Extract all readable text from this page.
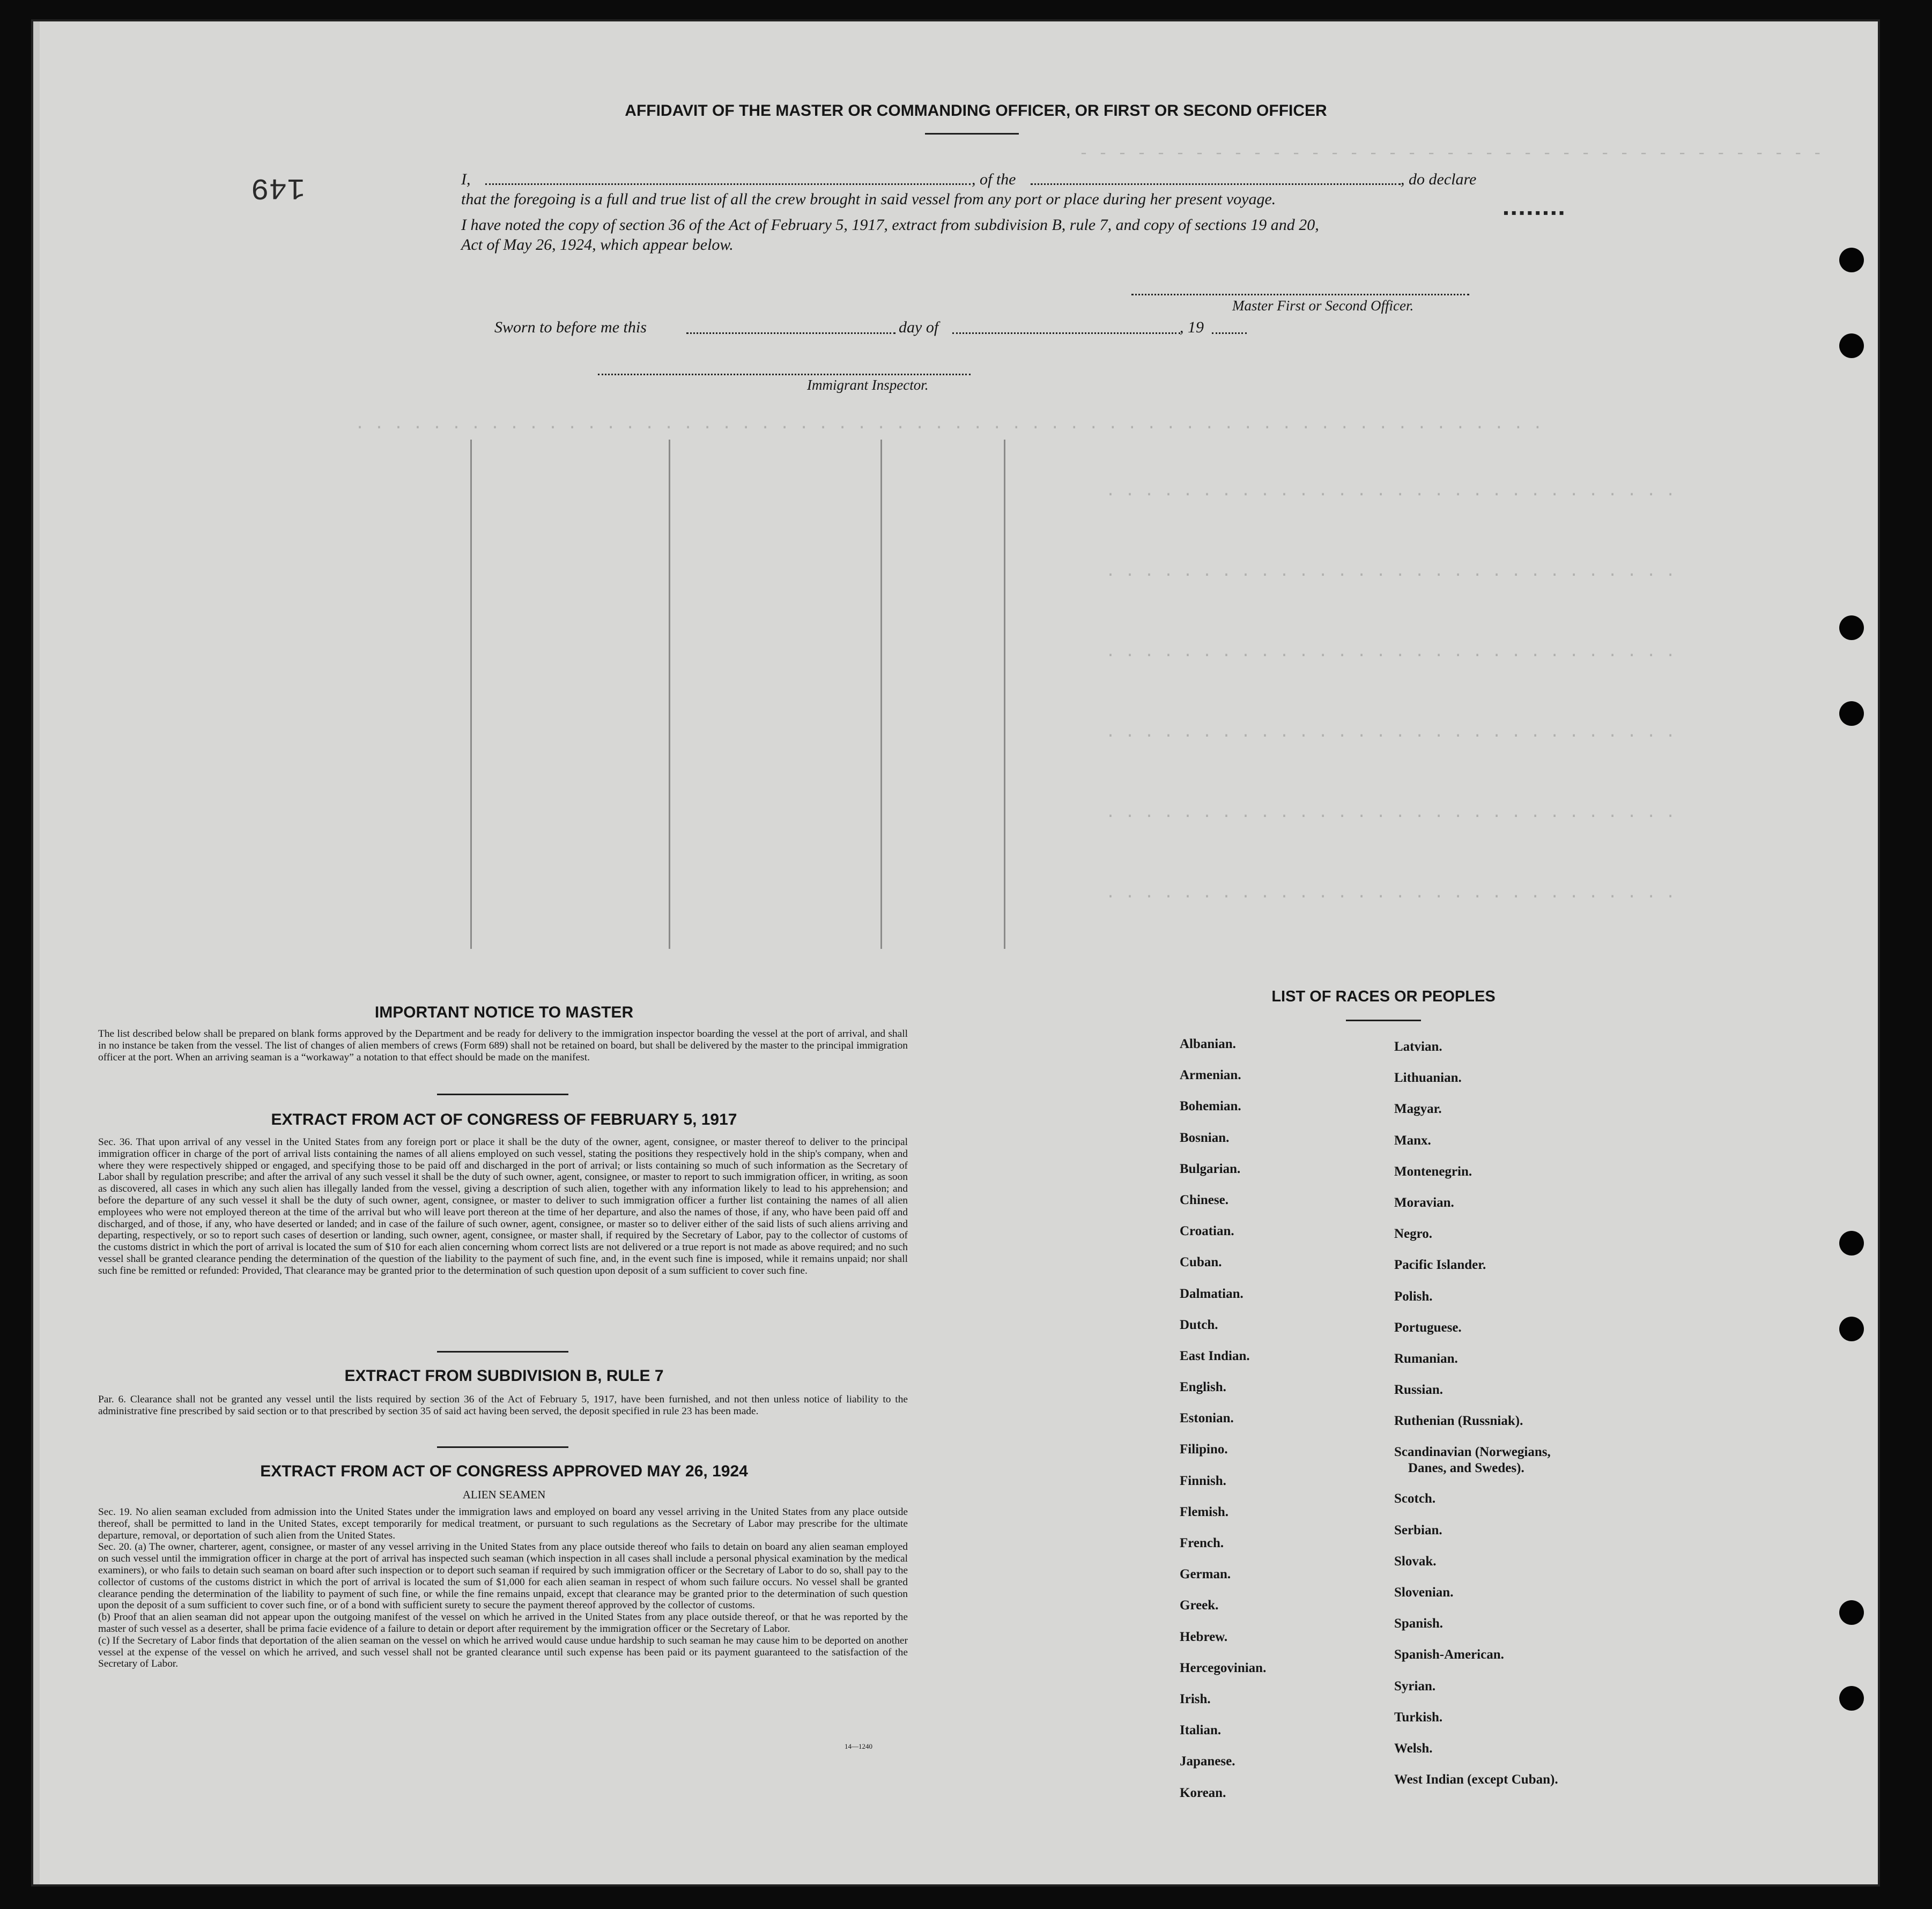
- - - - - - - - - - - - - - - - - - - - - - - - - - - - - - - - - - - - - - -
. . . . . . . . . . . . . . . . . . . . . . . . . . . . . . . . . . . . . . . . . . . . . . . . . . . . . . . . . . . . . .
. . . . . . . . . . . . . . . . . . . . . . . . . . . . . .
. . . . . . . . . . . . . . . . . . . . . . . . . . . . . .
. . . . . . . . . . . . . . . . . . . . . . . . . . . . . .
. . . . . . . . . . . . . . . . . . . . . . . . . . . . . .
. . . . . . . . . . . . . . . . . . . . . . . . . . . . . .
. . . . . . . . . . . . . . . . . . . . . . . . . . . . . .
AFFIDAVIT OF THE MASTER OR COMMANDING OFFICER, OR FIRST OR SECOND OFFICER
149	I,	, of the	, do declare
that the foregoing is a full and true list of all the crew brought in said vessel from any port or place during her present voyage.
I have noted the copy of section 36 of the Act of February 5, 1917, extract from subdivision B, rule 7, and copy of sections 19 and 20,
Act of May 26, 1924, which appear below.
▪▪▪▪▪▪▪▪
Master First or Second Officer.
Sworn to before me this	day of	, 19
Immigrant Inspector.
IMPORTANT NOTICE TO MASTER

The list described below shall be prepared on blank forms approved by the Department and be ready for delivery to the immigration inspector boarding the vessel at the port of arrival, and shall in no instance be taken from the vessel. The list of changes of alien members of crews (Form 689) shall not be retained on board, but shall be delivered by the master to the principal immigration officer at the port. When an arriving seaman is a “workaway” a notation to that effect should be made on the manifest.

EXTRACT FROM ACT OF CONGRESS OF FEBRUARY 5, 1917

Sec. 36. That upon arrival of any vessel in the United States from any foreign port or place it shall be the duty of the owner, agent, consignee, or master thereof to deliver to the principal immigration officer in charge of the port of arrival lists containing the names of all aliens employed on such vessel, stating the positions they respectively hold in the ship's company, when and where they were respectively shipped or engaged, and specifying those to be paid off and discharged in the port of arrival; or lists containing so much of such information as the Secretary of Labor shall by regulation prescribe; and after the arrival of any such vessel it shall be the duty of such owner, agent, consignee, or master to report to such immigration officer, in writing, as soon as discovered, all cases in which any such alien has illegally landed from the vessel, giving a description of such alien, together with any information likely to lead to his apprehension; and before the departure of any such vessel it shall be the duty of such owner, agent, consignee, or master to deliver to such immigration officer a further list containing the names of all alien employees who were not employed thereon at the time of the arrival but who will leave port thereon at the time of her departure, and also the names of those, if any, who have been paid off and discharged, and of those, if any, who have deserted or landed; and in case of the failure of such owner, agent, consignee, or master so to deliver either of the said lists of such aliens arriving and departing, respectively, or so to report such cases of desertion or landing, such owner, agent, consignee, or master shall, if required by the Secretary of Labor, pay to the collector of customs of the customs district in which the port of arrival is located the sum of $10 for each alien concerning whom correct lists are not delivered or a true report is not made as above required; and no such vessel shall be granted clearance pending the determination of the question of the liability to the payment of such fine, and, in the event such fine is imposed, while it remains unpaid; nor shall such fine be remitted or refunded: Provided, That clearance may be granted prior to the determination of such question upon deposit of a sum sufficient to cover such fine.

EXTRACT FROM SUBDIVISION B, RULE 7

Par. 6. Clearance shall not be granted any vessel until the lists required by section 36 of the Act of February 5, 1917, have been furnished, and not then unless notice of liability to the administrative fine prescribed by said section or to that prescribed by section 35 of said act having been served, the deposit specified in rule 23 has been made.

EXTRACT FROM ACT OF CONGRESS APPROVED MAY 26, 1924
ALIEN SEAMEN

Sec. 19. No alien seaman excluded from admission into the United States under the immigration laws and employed on board any vessel arriving in the United States from any place outside thereof, shall be permitted to land in the United States, except temporarily for medical treatment, or pursuant to such regulations as the Secretary of Labor may prescribe for the ultimate departure, removal, or deportation of such alien from the United States.

Sec. 20. (a) The owner, charterer, agent, consignee, or master of any vessel arriving in the United States from any place outside thereof who fails to detain on board any alien seaman employed on such vessel until the immigration officer in charge at the port of arrival has inspected such seaman (which inspection in all cases shall include a personal physical examination by the medical examiners), or who fails to detain such seaman on board after such inspection or to deport such seaman if required by such immigration officer or the Secretary of Labor to do so, shall pay to the collector of customs of the customs district in which the port of arrival is located the sum of $1,000 for each alien seaman in respect of whom such failure occurs. No vessel shall be granted clearance pending the determination of the liability to payment of such fine, or while the fine remains unpaid, except that clearance may be granted prior to the determination of such question upon the deposit of a sum sufficient to cover such fine, or of a bond with sufficient surety to secure the payment thereof approved by the collector of customs.

(b) Proof that an alien seaman did not appear upon the outgoing manifest of the vessel on which he arrived in the United States from any place outside thereof, or that he was reported by the master of such vessel as a deserter, shall be prima facie evidence of a failure to detain or deport after requirement by the immigration officer or the Secretary of Labor.

(c) If the Secretary of Labor finds that deportation of the alien seaman on the vessel on which he arrived would cause undue hardship to such seaman he may cause him to be deported on another vessel at the expense of the vessel on which he arrived, and such vessel shall not be granted clearance until such expense has been paid or its payment guaranteed to the satisfaction of the Secretary of Labor.

14—1240
LIST OF RACES OR PEOPLES
Albanian.
Armenian.
Bohemian.
Bosnian.
Bulgarian.
Chinese.
Croatian.
Cuban.
Dalmatian.
Dutch.
East Indian.
English.
Estonian.
Filipino.
Finnish.
Flemish.
French.
German.
Greek.
Hebrew.
Hercegovinian.
Irish.
Italian.
Japanese.
Korean.
Latvian.
Lithuanian.
Magyar.
Manx.
Montenegrin.
Moravian.
Negro.
Pacific Islander.
Polish.
Portuguese.
Rumanian.
Russian.
Ruthenian (Russniak).
Scandinavian (Norwegians,
Danes, and Swedes).
Scotch.
Serbian.
Slovak.
Slovenian.
Spanish.
Spanish-American.
Syrian.
Turkish.
Welsh.
West Indian (except Cuban).
